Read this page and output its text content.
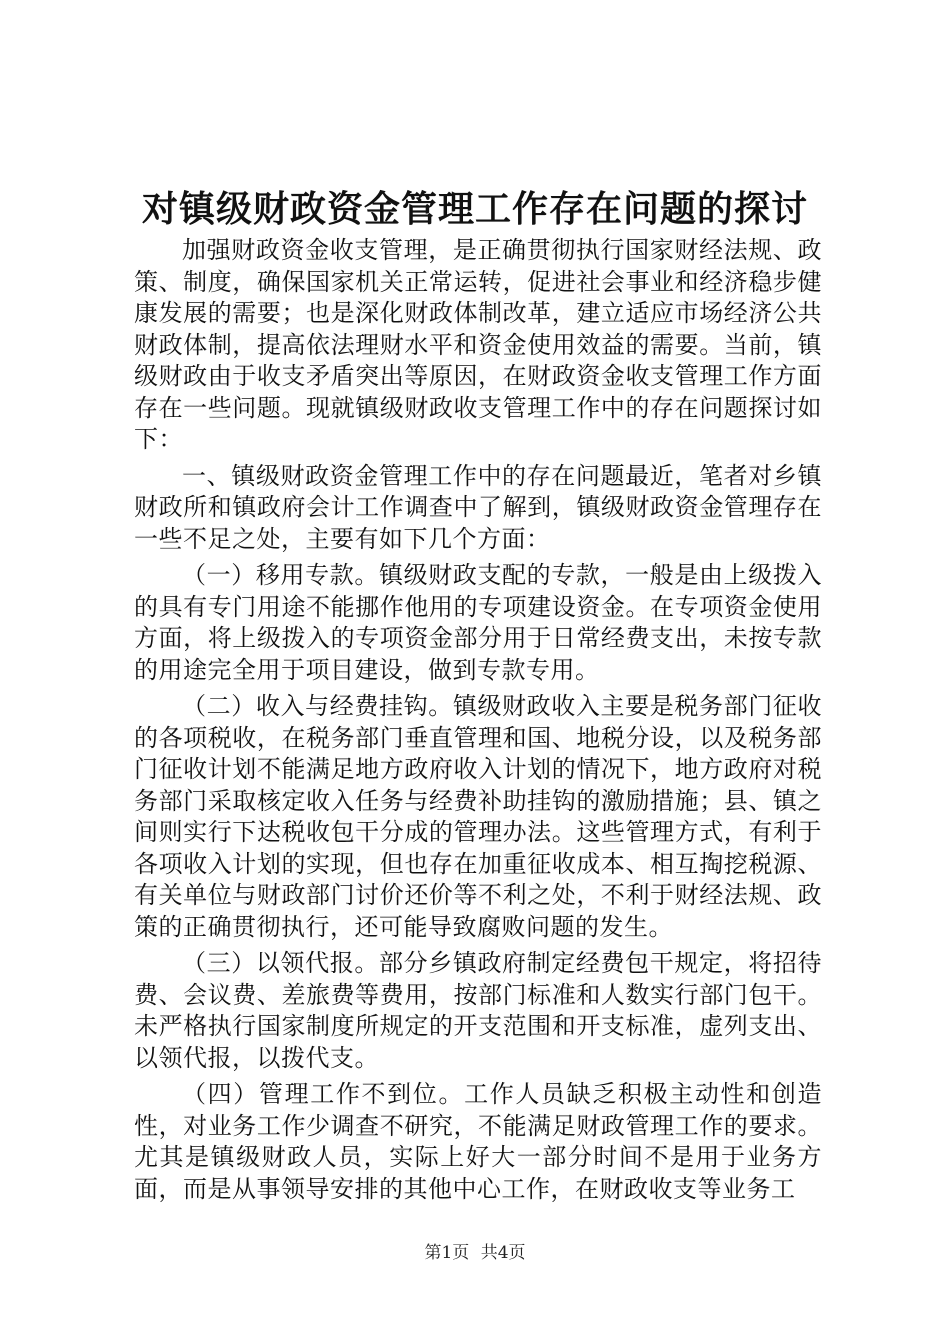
对镇级财政资金管理工作存在问题的探讨

加强财政资金收支管理，是正确贯彻执行国家财经法规、政策、制度，确保国家机关正常运转，促进社会事业和经济稳步健康发展的需要；也是深化财政体制改革，建立适应市场经济公共财政体制，提高依法理财水平和资金使用效益的需要。当前，镇级财政由于收支矛盾突出等原因，在财政资金收支管理工作方面存在一些问题。现就镇级财政收支管理工作中的存在问题探讨如下：

一、镇级财政资金管理工作中的存在问题最近，笔者对乡镇财政所和镇政府会计工作调查中了解到，镇级财政资金管理存在一些不足之处，主要有如下几个方面：

（一）移用专款。镇级财政支配的专款，一般是由上级拨入的具有专门用途不能挪作他用的专项建设资金。在专项资金使用方面，将上级拨入的专项资金部分用于日常经费支出，未按专款的用途完全用于项目建设，做到专款专用。

（二）收入与经费挂钩。镇级财政收入主要是税务部门征收的各项税收，在税务部门垂直管理和国、地税分设，以及税务部门征收计划不能满足地方政府收入计划的情况下，地方政府对税务部门采取核定收入任务与经费补助挂钩的激励措施；县、镇之间则实行下达税收包干分成的管理办法。这些管理方式，有利于各项收入计划的实现，但也存在加重征收成本、相互掏挖税源、有关单位与财政部门讨价还价等不利之处，不利于财经法规、政策的正确贯彻执行，还可能导致腐败问题的发生。

（三）以领代报。部分乡镇政府制定经费包干规定，将招待费、会议费、差旅费等费用，按部门标准和人数实行部门包干。未严格执行国家制度所规定的开支范围和开支标准，虚列支出、以领代报，以拨代支。

（四）管理工作不到位。工作人员缺乏积极主动性和创造性，对业务工作少调查不研究，不能满足财政管理工作的要求。尤其是镇级财政人员，实际上好大一部分时间不是用于业务方面，而是从事领导安排的其他中心工作，在财政收支等业务工

第1页 共4页
